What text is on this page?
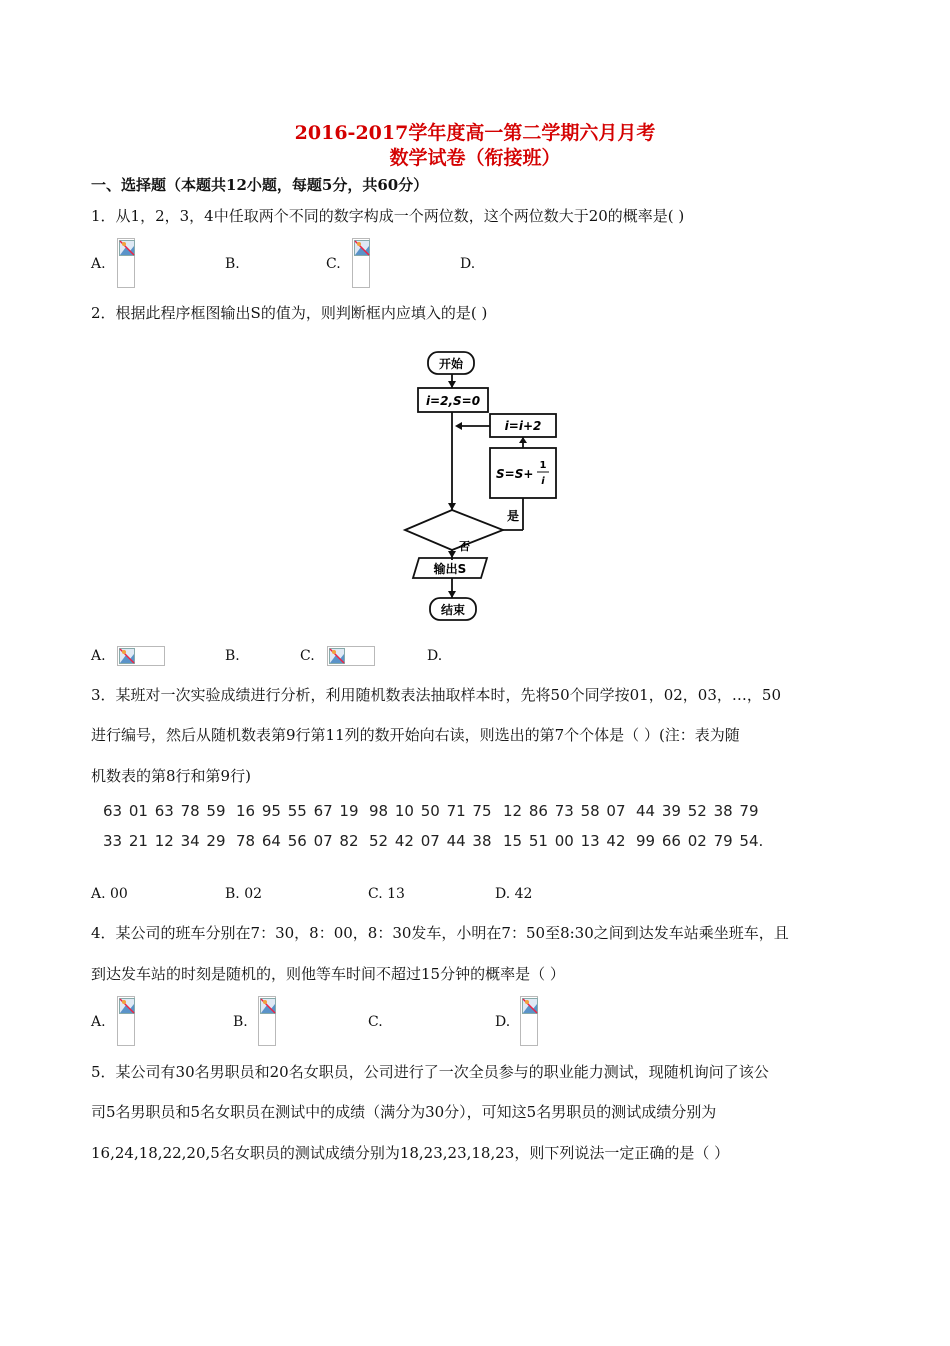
2016-2017学年度高一第二学期六月月考
数学试卷（衔接班）
一、选择题（本题共12小题，每题5分，共60分）
1．从1，2，3，4中任取两个不同的数字构成一个两位数，这个两位数大于20的概率是( )
A.	B.	C.	D.
2．根据此程序框图输出S的值为，则判断框内应填入的是( )
开始
i=2,S=0
i=i+2
S=S+
1
i
是
否
输出S
结束
A.	B.	C.	D.
3．某班对一次实验成绩进行分析，利用随机数表法抽取样本时，先将50个同学按01，02，03，…，50
进行编号，然后从随机数表第9行第11列的数开始向右读，则选出的第7个个体是（ ）(注：表为随
机数表的第8行和第9行)
63 01 63 78 59 16 95 55 67 19 98 10 50 71 75 12 86 73 58 07 44 39 52 38 79
33 21 12 34 29 78 64 56 07 82 52 42 07 44 38 15 51 00 13 42 99 66 02 79 54.
A. 00	B. 02	C. 13	D. 42
4．某公司的班车分别在7：30，8：00，8：30发车，小明在7：50至8:30之间到达发车站乘坐班车，且
到达发车站的时刻是随机的，则他等车时间不超过15分钟的概率是（ ）
A.	B.	C.	D.
5．某公司有30名男职员和20名女职员，公司进行了一次全员参与的职业能力测试，现随机询问了该公
司5名男职员和5名女职员在测试中的成绩（满分为30分），可知这5名男职员的测试成绩分别为
16,24,18,22,20,5名女职员的测试成绩分别为18,23,23,18,23，则下列说法一定正确的是（ ）
